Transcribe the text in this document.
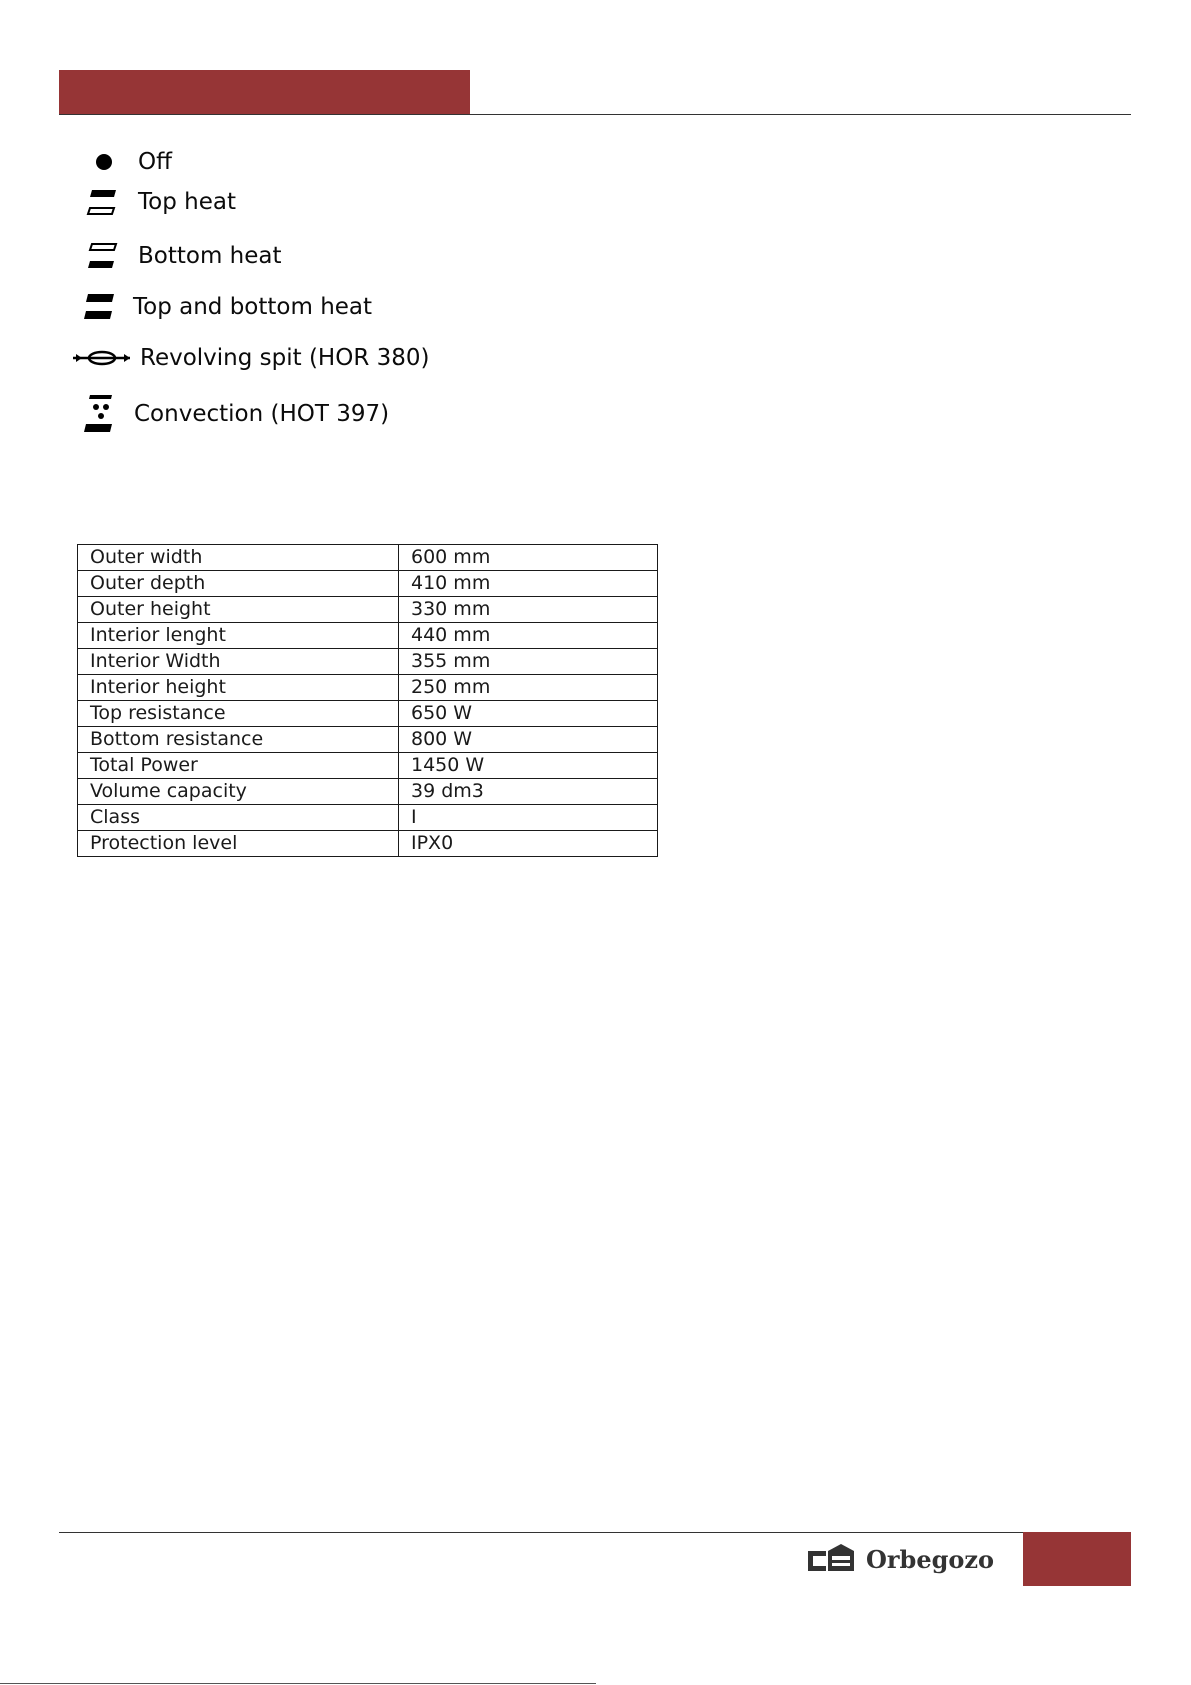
Off
Top heat
Bottom heat
Top and bottom heat
Revolving spit (HOR 380)
Convection (HOT 397)
Outer width	600 mm
Outer depth	410 mm
Outer height	330 mm
Interior lenght	440 mm
Interior Width	355 mm
Interior height	250 mm
Top resistance	650 W
Bottom resistance	800 W
Total Power	1450 W
Volume capacity	39 dm3
Class	I
Protection level	IPX0
Orbegozo
